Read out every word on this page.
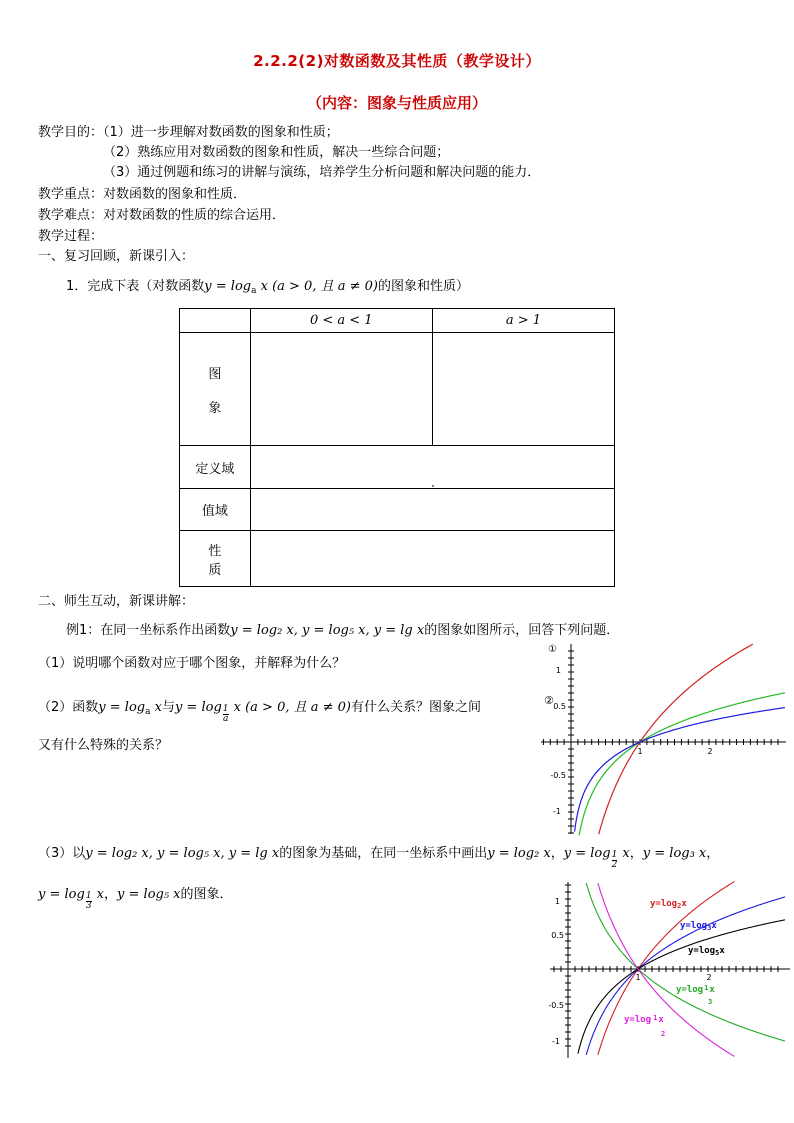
2.2.2(2)对数函数及其性质（教学设计）
（内容：图象与性质应用）
教学目的：（1）进一步理解对数函数的图象和性质；
（2）熟练应用对数函数的图象和性质，解决一些综合问题；
（3）通过例题和练习的讲解与演练，培养学生分析问题和解决问题的能力．
教学重点：对数函数的图象和性质．
教学难点：对对数函数的性质的综合运用．
教学过程：
一、复习回顾，新课引入：
1．完成下表（对数函数$y = \log_a x$ (a > 0, 且 a ≠ 0)的图象和性质）
	0 < a < 1	a > 1
图

象		
定义域		
值域		
性
质		
二、师生互动，新课讲解：
例1：在同一坐标系作出函数y = log₂ x, y = log₅ x, y = lg x的图象如图所示，回答下列问题．
（1）说明哪个函数对应于哪个图象，并解释为什么？
（2）函数$y = \log_a x$与$y = \log \frac{1}{a}$ x (a > 0, 且 a ≠ 0)有什么关系？图象之间
又有什么特殊的关系？
（3）以y = log₂ x, y = log₅ x, y = lg x的图象为基础，在同一坐标系中画出y = log₂ x，$y = \log \frac{1}{2}$ x，y = log₃ x，
$y = \log \frac{1}{3}$ x，y = log₅ x的图象．
1
0.5
-0.5
-1
1	2
①
②
1
0.5
-0.5
-1
1	2
$y=\log_2x$
$y=\log_3x$
$y=\log_5x$
$y=\log^1x$
3
y=log $^1$x
2
